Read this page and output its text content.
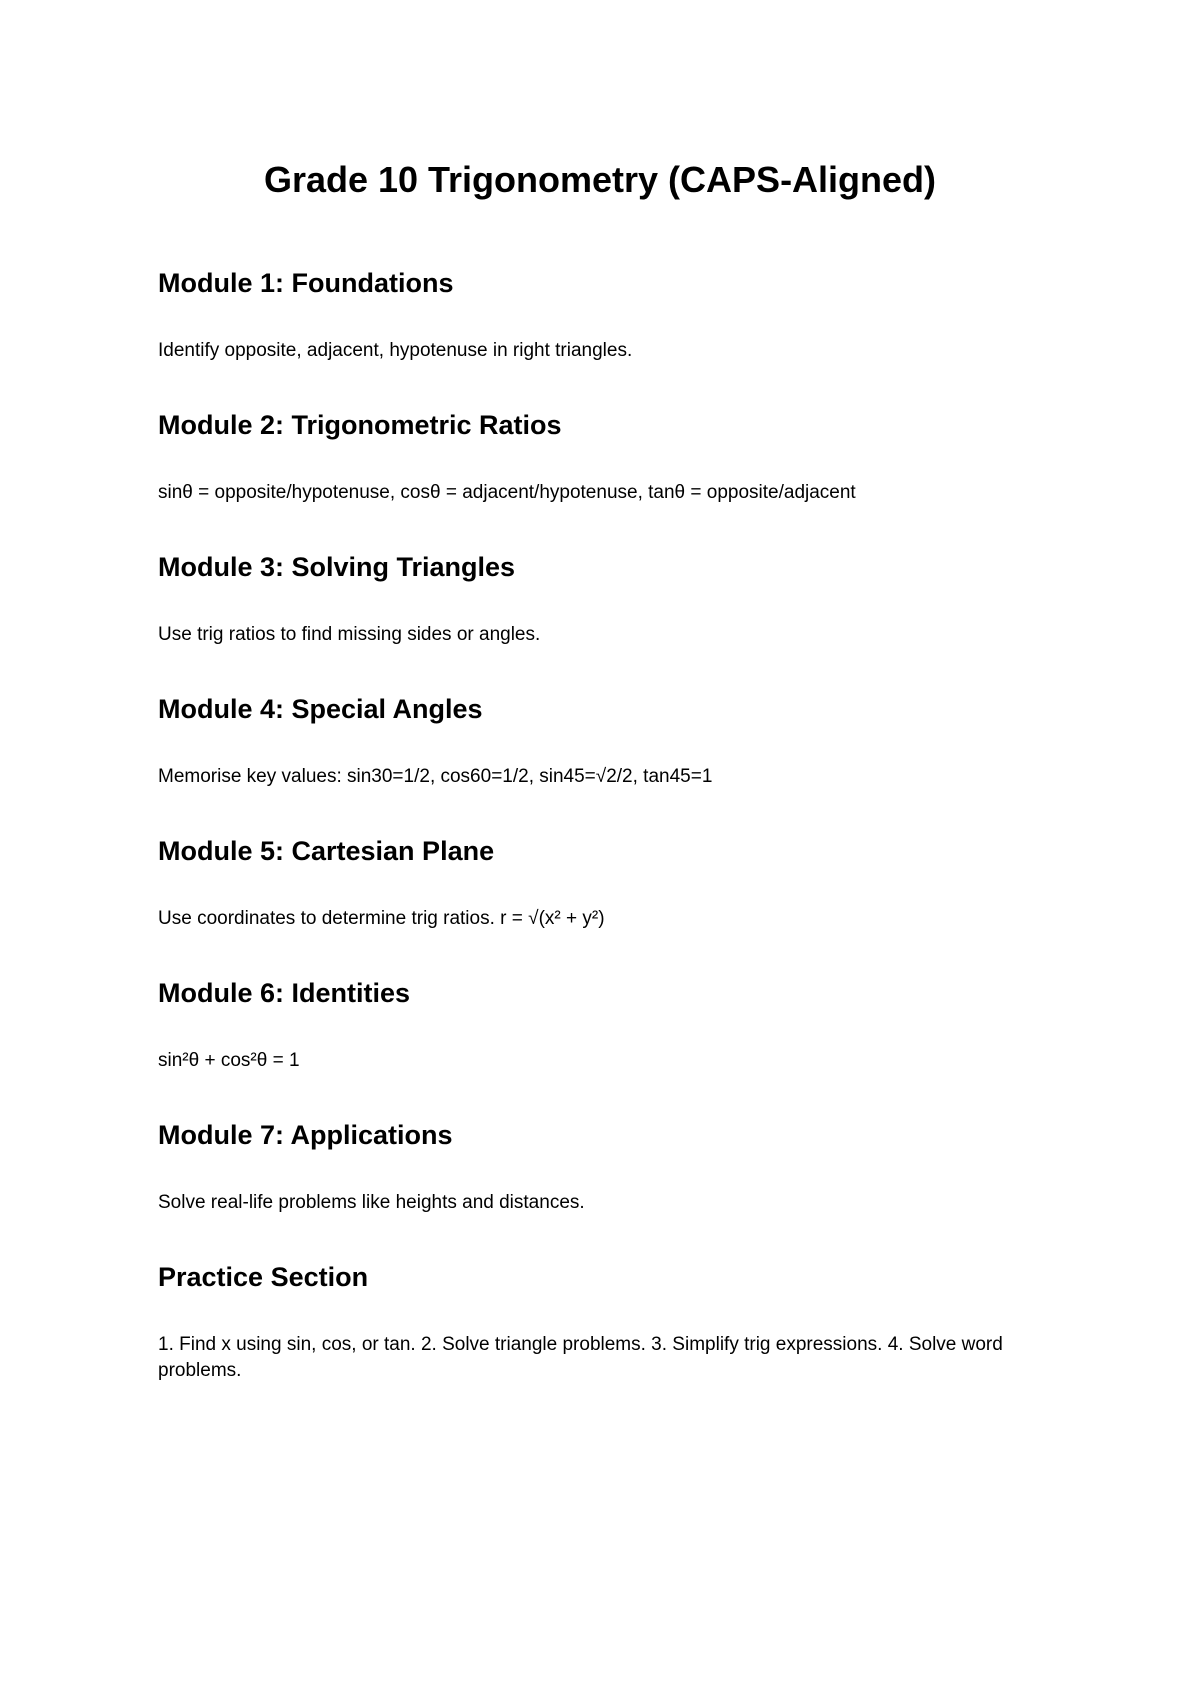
Grade 10 Trigonometry (CAPS-Aligned)
Module 1: Foundations

Identify opposite, adjacent, hypotenuse in right triangles.

Module 2: Trigonometric Ratios

sinθ = opposite/hypotenuse, cosθ = adjacent/hypotenuse, tanθ = opposite/adjacent

Module 3: Solving Triangles

Use trig ratios to find missing sides or angles.

Module 4: Special Angles

Memorise key values: sin30=1/2, cos60=1/2, sin45=√2/2, tan45=1

Module 5: Cartesian Plane

Use coordinates to determine trig ratios. r = √(x² + y²)

Module 6: Identities

sin²θ + cos²θ = 1

Module 7: Applications

Solve real-life problems like heights and distances.

Practice Section

1. Find x using sin, cos, or tan. 2. Solve triangle problems. 3. Simplify trig expressions. 4. Solve word problems.
